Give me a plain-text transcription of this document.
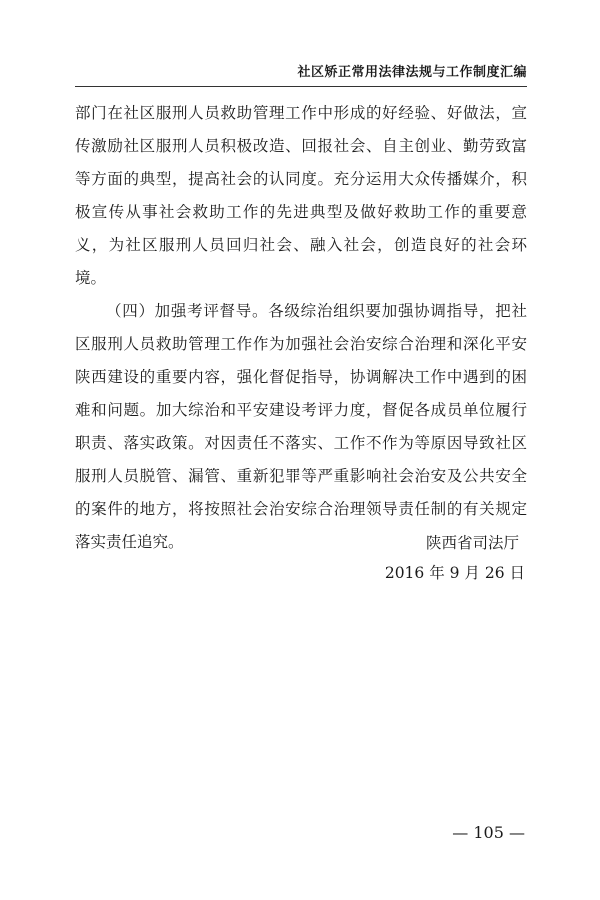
社区矫正常用法律法规与工作制度汇编
部门在社区服刑人员救助管理工作中形成的好经验、好做法，宣
传激励社区服刑人员积极改造、回报社会、自主创业、勤劳致富
等方面的典型，提高社会的认同度。充分运用大众传播媒介，积
极宣传从事社会救助工作的先进典型及做好救助工作的重要意
义，为社区服刑人员回归社会、融入社会，创造良好的社会环
境。
（四）加强考评督导。各级综治组织要加强协调指导，把社
区服刑人员救助管理工作作为加强社会治安综合治理和深化平安
陕西建设的重要内容，强化督促指导，协调解决工作中遇到的困
难和问题。加大综治和平安建设考评力度，督促各成员单位履行
职责、落实政策。对因责任不落实、工作不作为等原因导致社区
服刑人员脱管、漏管、重新犯罪等严重影响社会治安及公共安全
的案件的地方，将按照社会治安综合治理领导责任制的有关规定
落实责任追究。	陕西省司法厅
2016 年 9 月 26 日
— 105 —
